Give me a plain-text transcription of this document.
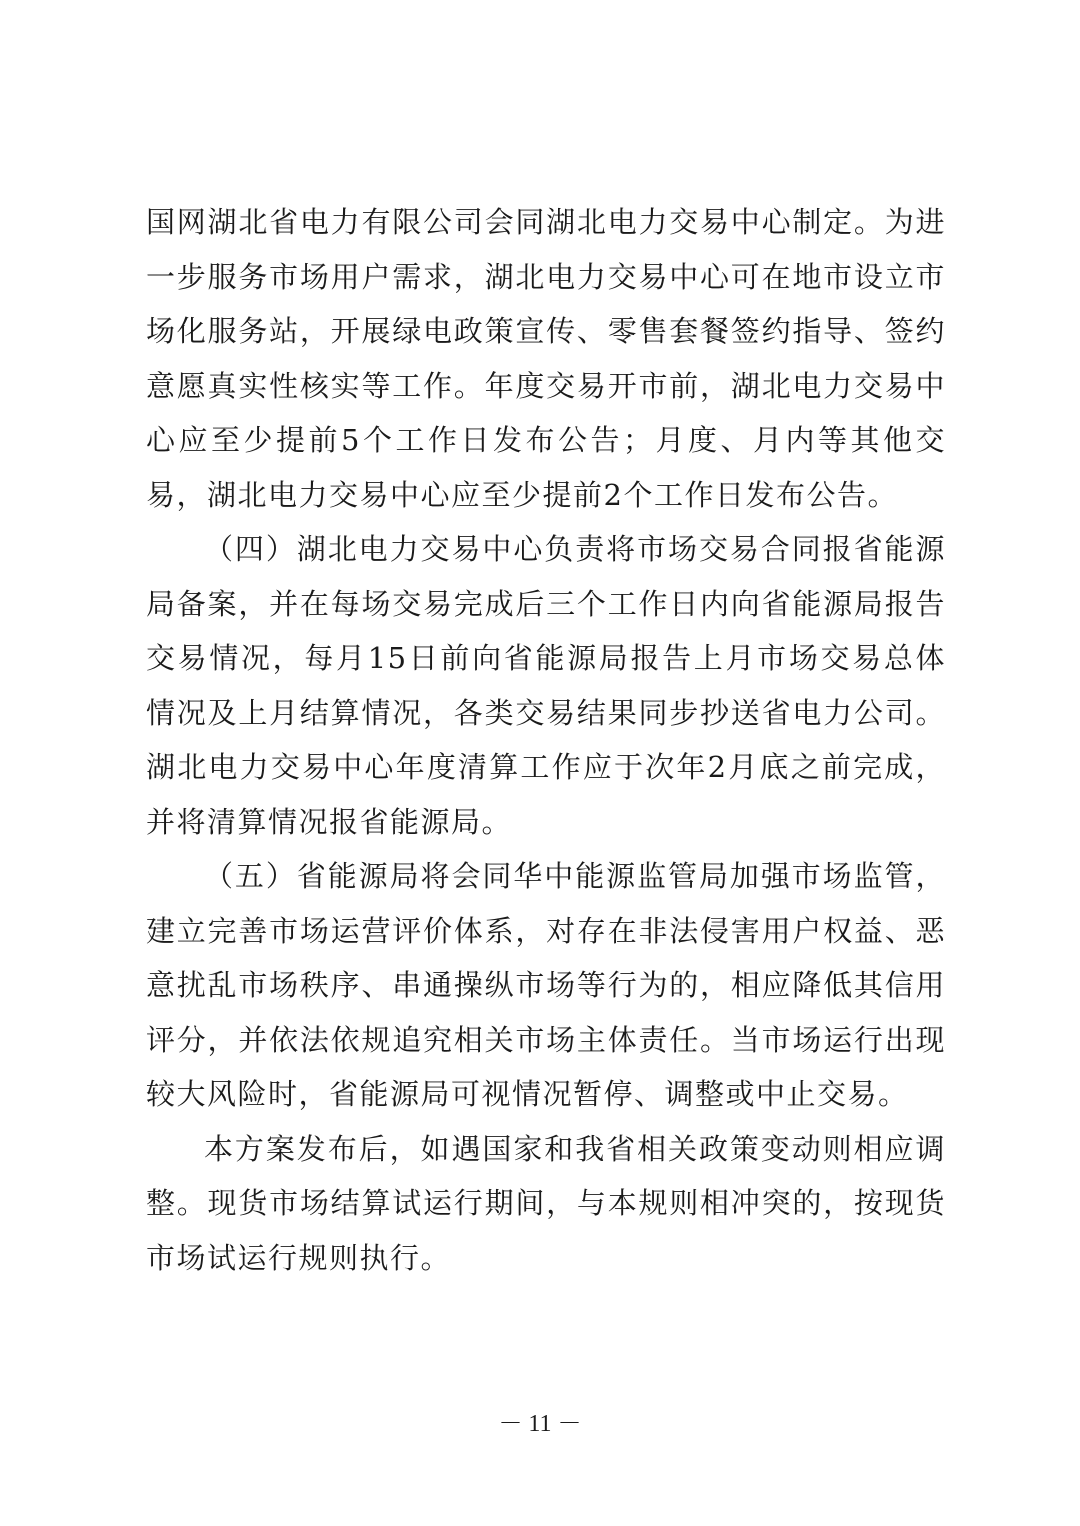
国网湖北省电力有限公司会同湖北电力交易中心制定。为进一步服务市场用户需求，湖北电力交易中心可在地市设立市场化服务站，开展绿电政策宣传、零售套餐签约指导、签约意愿真实性核实等工作。年度交易开市前，湖北电力交易中心应至少提前5个工作日发布公告；月度、月内等其他交易，湖北电力交易中心应至少提前2个工作日发布公告。

（四）湖北电力交易中心负责将市场交易合同报省能源局备案，并在每场交易完成后三个工作日内向省能源局报告交易情况，每月15日前向省能源局报告上月市场交易总体情况及上月结算情况，各类交易结果同步抄送省电力公司。湖北电力交易中心年度清算工作应于次年2月底之前完成，并将清算情况报省能源局。

（五）省能源局将会同华中能源监管局加强市场监管，建立完善市场运营评价体系，对存在非法侵害用户权益、恶意扰乱市场秩序、串通操纵市场等行为的，相应降低其信用评分，并依法依规追究相关市场主体责任。当市场运行出现较大风险时，省能源局可视情况暂停、调整或中止交易。

本方案发布后，如遇国家和我省相关政策变动则相应调整。现货市场结算试运行期间，与本规则相冲突的，按现货市场试运行规则执行。

－ 11 －
